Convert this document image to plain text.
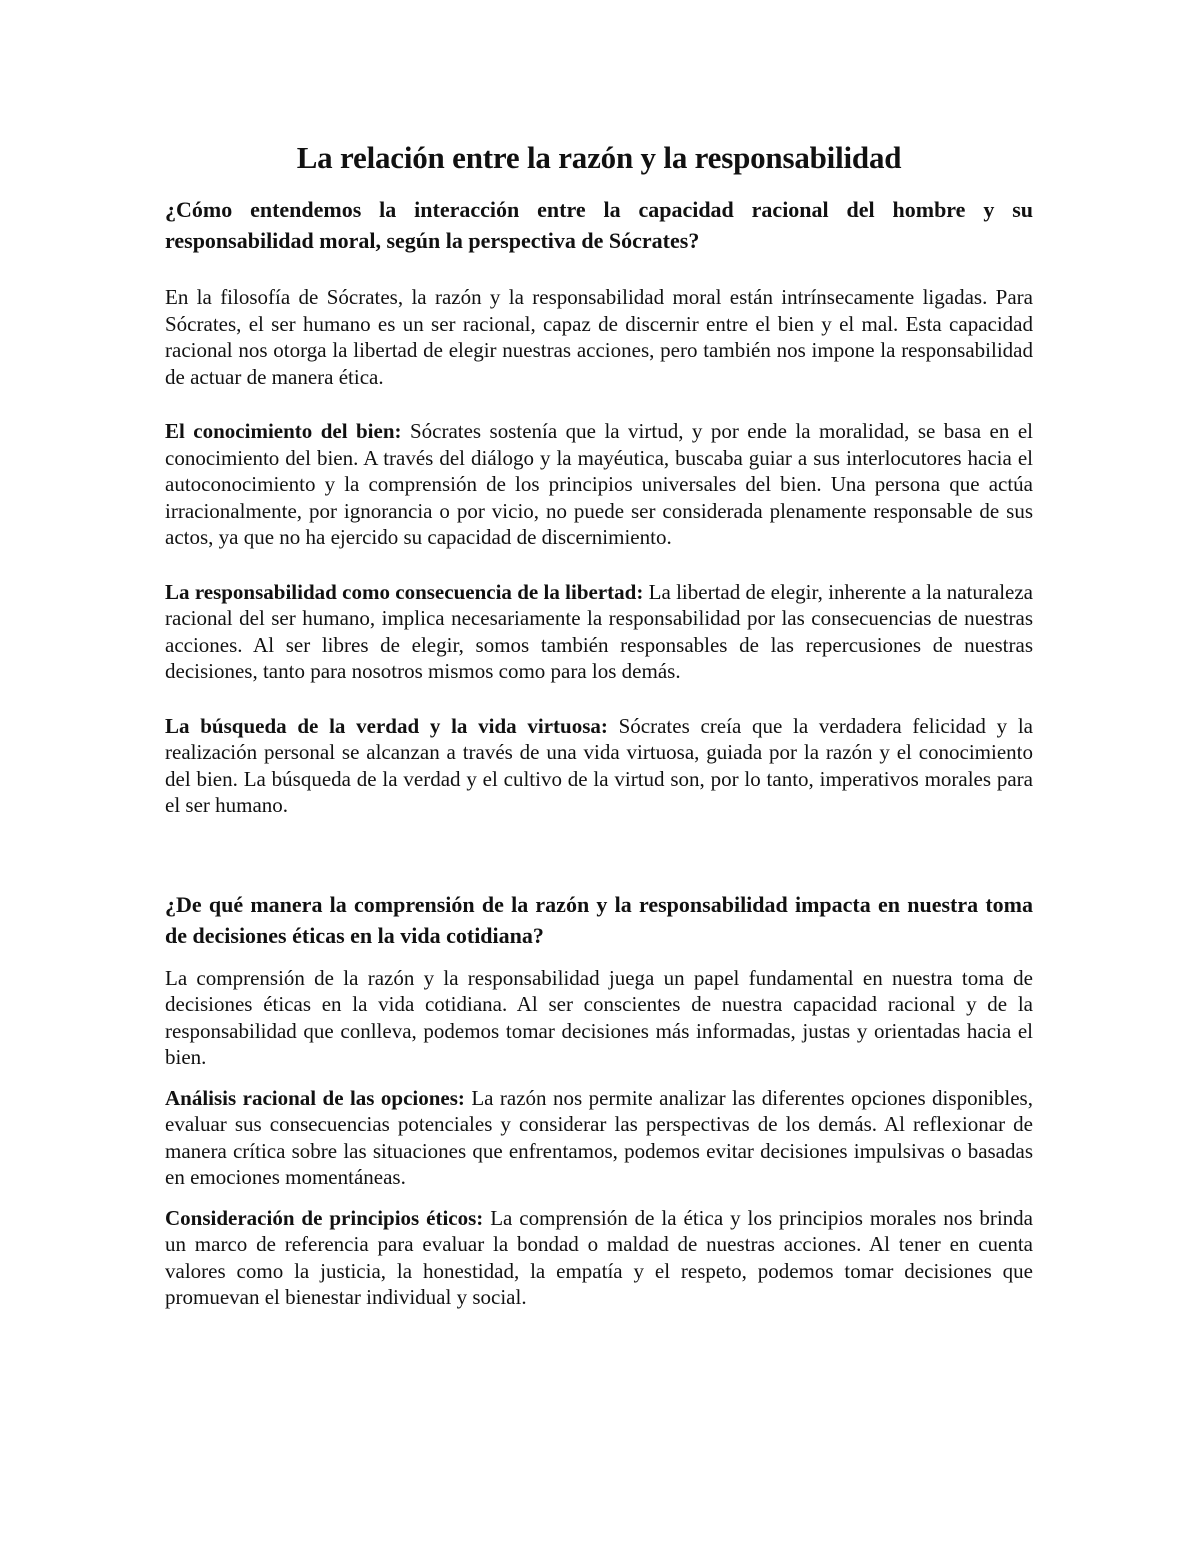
La relación entre la razón y la responsabilidad
¿Cómo entendemos la interacción entre la capacidad racional del hombre y su responsabilidad moral, según la perspectiva de Sócrates?

En la filosofía de Sócrates, la razón y la responsabilidad moral están intrínsecamente ligadas. Para Sócrates, el ser humano es un ser racional, capaz de discernir entre el bien y el mal. Esta capacidad racional nos otorga la libertad de elegir nuestras acciones, pero también nos impone la responsabilidad de actuar de manera ética.

El conocimiento del bien: Sócrates sostenía que la virtud, y por ende la moralidad, se basa en el conocimiento del bien. A través del diálogo y la mayéutica, buscaba guiar a sus interlocutores hacia el autoconocimiento y la comprensión de los principios universales del bien. Una persona que actúa irracionalmente, por ignorancia o por vicio, no puede ser considerada plenamente responsable de sus actos, ya que no ha ejercido su capacidad de discernimiento.

La responsabilidad como consecuencia de la libertad: La libertad de elegir, inherente a la naturaleza racional del ser humano, implica necesariamente la responsabilidad por las consecuencias de nuestras acciones. Al ser libres de elegir, somos también responsables de las repercusiones de nuestras decisiones, tanto para nosotros mismos como para los demás.

La búsqueda de la verdad y la vida virtuosa: Sócrates creía que la verdadera felicidad y la realización personal se alcanzan a través de una vida virtuosa, guiada por la razón y el conocimiento del bien. La búsqueda de la verdad y el cultivo de la virtud son, por lo tanto, imperativos morales para el ser humano.

¿De qué manera la comprensión de la razón y la responsabilidad impacta en nuestra toma de decisiones éticas en la vida cotidiana?

La comprensión de la razón y la responsabilidad juega un papel fundamental en nuestra toma de decisiones éticas en la vida cotidiana. Al ser conscientes de nuestra capacidad racional y de la responsabilidad que conlleva, podemos tomar decisiones más informadas, justas y orientadas hacia el bien.

Análisis racional de las opciones: La razón nos permite analizar las diferentes opciones disponibles, evaluar sus consecuencias potenciales y considerar las perspectivas de los demás. Al reflexionar de manera crítica sobre las situaciones que enfrentamos, podemos evitar decisiones impulsivas o basadas en emociones momentáneas.

Consideración de principios éticos: La comprensión de la ética y los principios morales nos brinda un marco de referencia para evaluar la bondad o maldad de nuestras acciones. Al tener en cuenta valores como la justicia, la honestidad, la empatía y el respeto, podemos tomar decisiones que promuevan el bienestar individual y social.
